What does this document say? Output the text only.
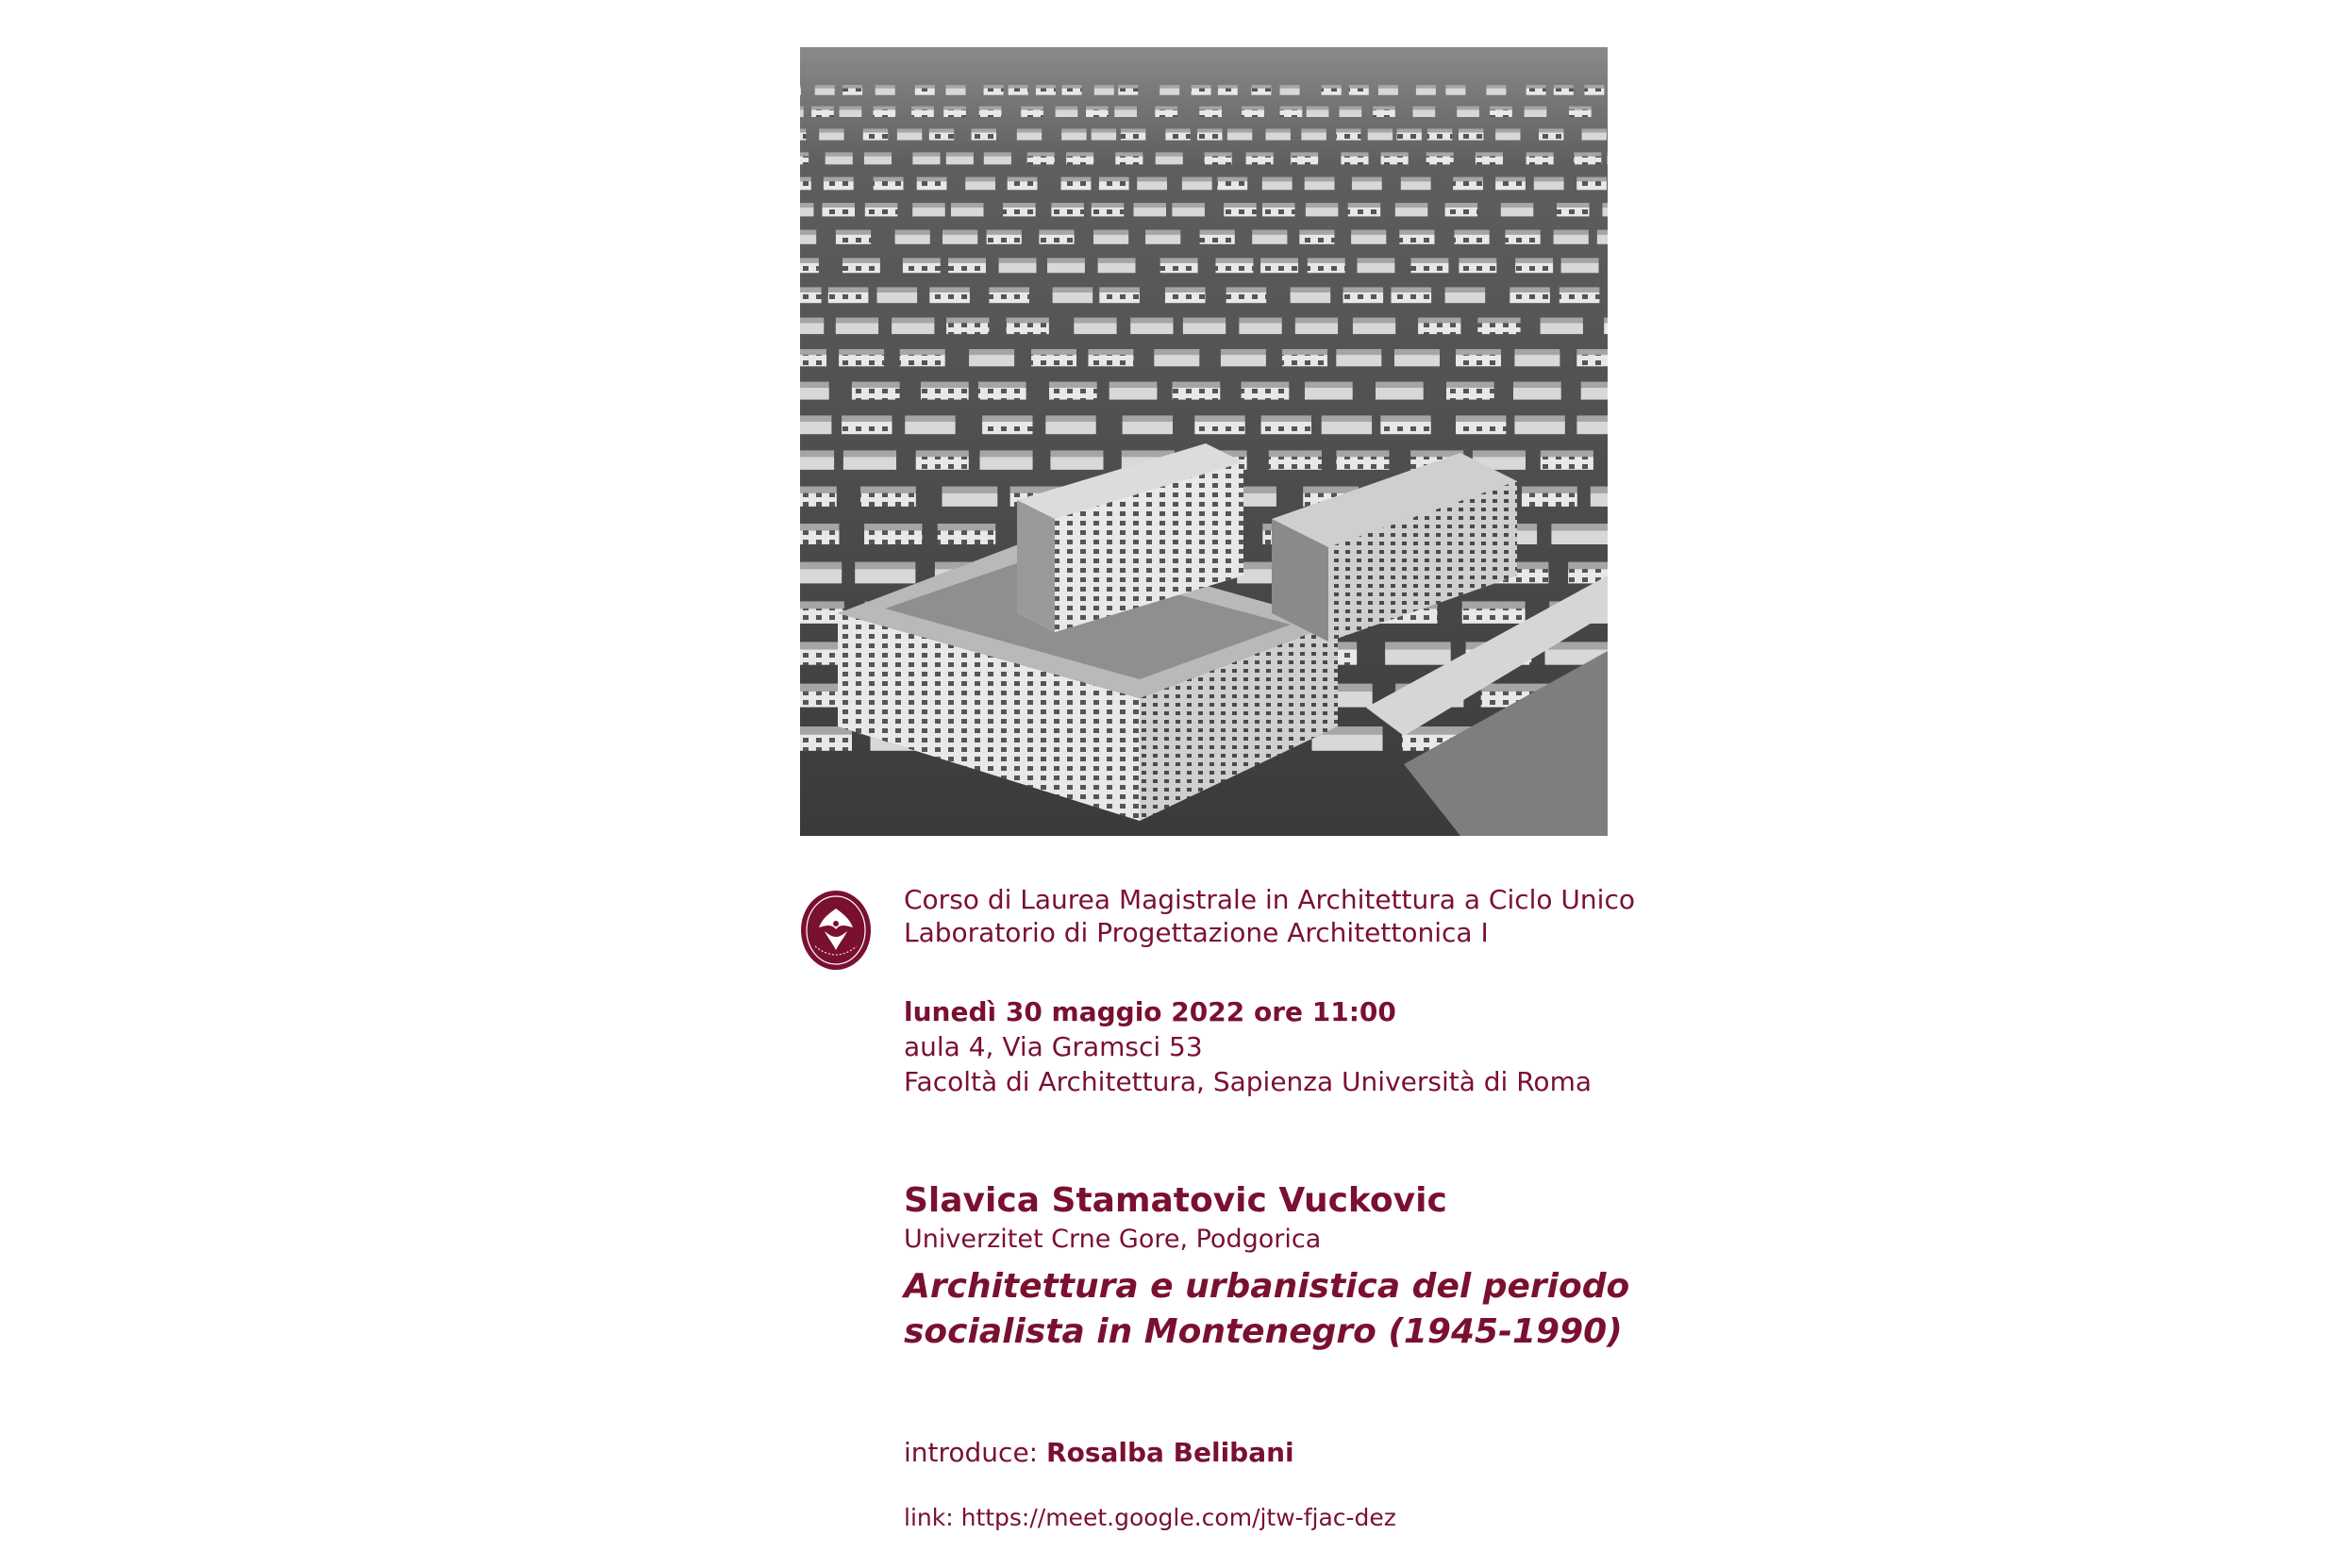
Corso di Laurea Magistrale in Architettura a Ciclo Unico
Laboratorio di Progettazione Architettonica I

lunedì 30 maggio 2022 ore 11:00
aula 4, Via Gramsci 53
Facoltà di Architettura, Sapienza Università di Roma

Slavica Stamatovic Vuckovic

Univerzitet Crne Gore, Podgorica

Architettura e urbanistica del periodo
socialista in Montenegro (1945-1990)

introduce: Rosalba Belibani

link: https://meet.google.com/jtw-fjac-dez
